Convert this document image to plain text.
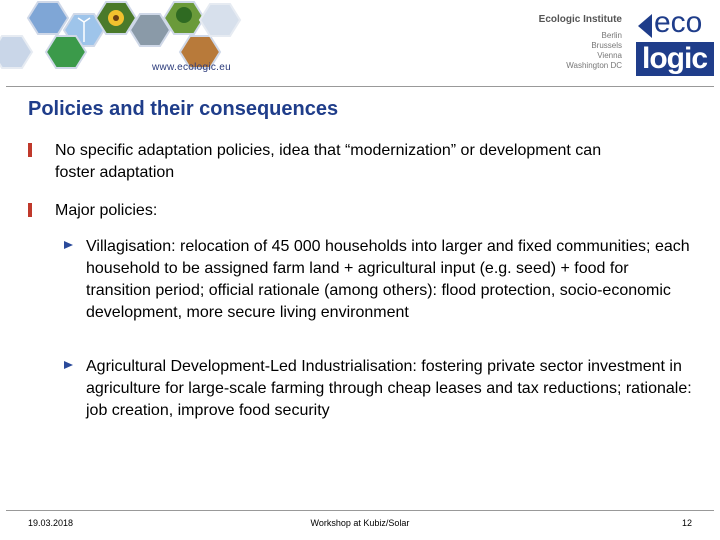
www.ecologic.eu
Ecologic Institute
Berlin
Brussels
Vienna
Washington DC
eco
logic
Policies and their consequences
No specific adaptation policies, idea that “modernization” or development can foster adaptation
Major policies:
Villagisation: relocation of 45 000 households into larger and fixed communities; each household to be assigned farm land + agricultural input (e.g. seed) + food for transition period; official rationale (among others): flood protection, socio-economic development, more secure living environment
Agricultural Development-Led Industrialisation: fostering private sector investment in agriculture for large-scale farming through cheap leases and tax reductions; rationale: job creation, improve food security
19.03.2018	Workshop at Kubiz/Solar	12
